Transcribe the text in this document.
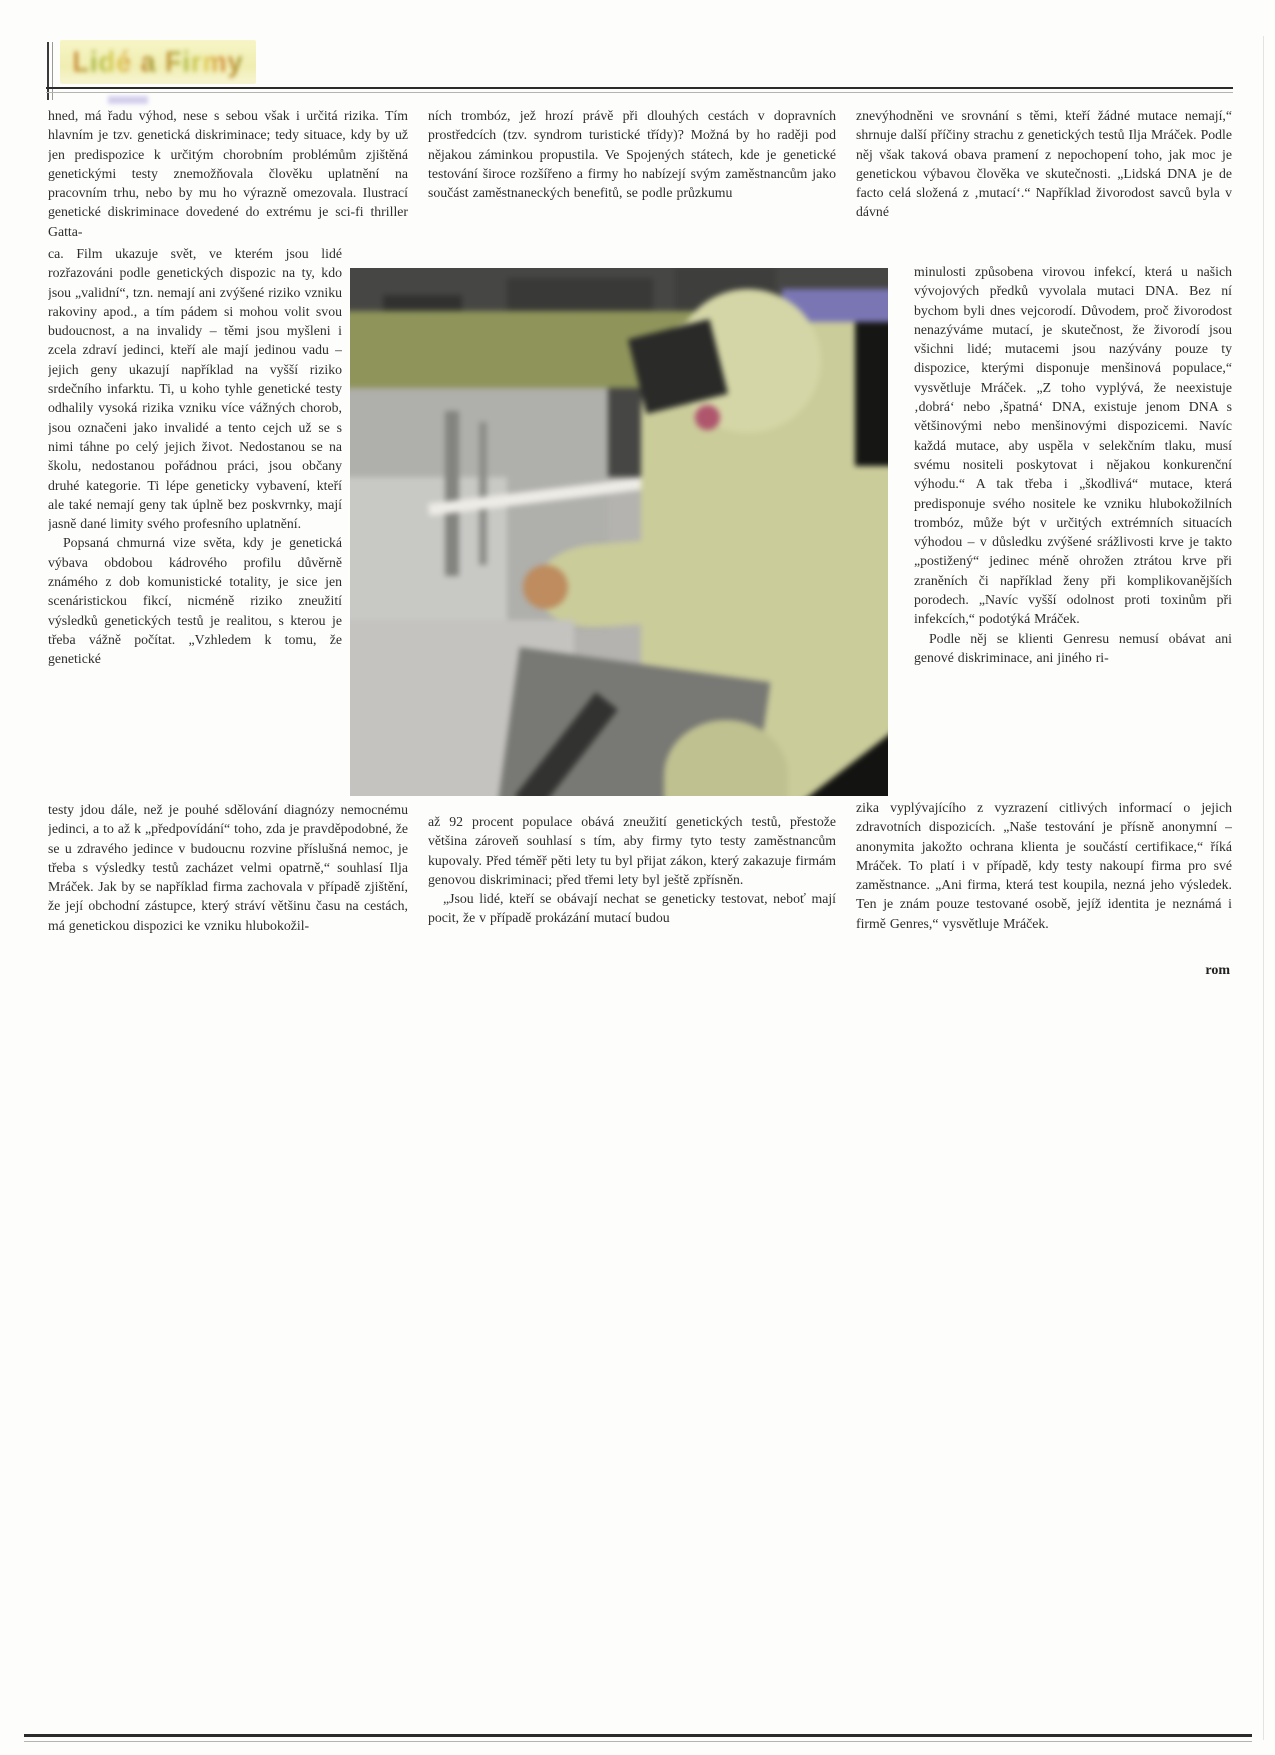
Lidé a Firmy

hned, má řadu výhod, nese s sebou však i určitá rizika. Tím hlavním je tzv. genetická diskriminace; tedy situace, kdy by už jen predispozice k určitým chorobním problémům zjištěná genetickými testy znemožňovala člověku uplatnění na pracovním trhu, nebo by mu ho výrazně omezovala. Ilustrací genetické diskriminace dovedené do extrému je sci-fi thriller Gatta-

ca. Film ukazuje svět, ve kterém jsou lidé rozřazováni podle genetických dispozic na ty, kdo jsou „validní“, tzn. nemají ani zvýšené riziko vzniku rakoviny apod., a tím pádem si mohou volit svou budoucnost, a na invalidy – těmi jsou myšleni i zcela zdraví jedinci, kteří ale mají jedinou vadu – jejich geny ukazují například na vyšší riziko srdečního infarktu. Ti, u koho tyhle genetické testy odhalily vysoká rizika vzniku více vážných chorob, jsou označeni jako invalidé a tento cejch už se s nimi táhne po celý jejich život. Nedostanou se na školu, nedostanou pořádnou práci, jsou občany druhé kategorie. Ti lépe geneticky vybavení, kteří ale také nemají geny tak úplně bez poskvrnky, mají jasně dané limity svého profesního uplatnění.

Popsaná chmurná vize světa, kdy je genetická výbava obdobou kádrového profilu důvěrně známého z dob komunistické totality, je sice jen scenáristickou fikcí, nicméně riziko zneužití výsledků genetických testů je realitou, s kterou je třeba vážně počítat. „Vzhledem k tomu, že genetické

testy jdou dále, než je pouhé sdělování diagnózy nemocnému jedinci, a to až k „předpovídání“ toho, zda je pravděpodobné, že se u zdravého jedince v budoucnu rozvine příslušná nemoc, je třeba s výsledky testů zacházet velmi opatrně,“ souhlasí Ilja Mráček. Jak by se například firma zachovala v případě zjištění, že její obchodní zástupce, který stráví většinu času na cestách, má genetickou dispozici ke vzniku hlubokožil-

ních trombóz, jež hrozí právě při dlouhých cestách v dopravních prostředcích (tzv. syndrom turistické třídy)? Možná by ho raději pod nějakou záminkou propustila. Ve Spojených státech, kde je genetické testování široce rozšířeno a firmy ho nabízejí svým zaměstnancům jako součást zaměstnaneckých benefitů, se podle průzkumu

až 92 procent populace obává zneužití genetických testů, přestože většina zároveň souhlasí s tím, aby firmy tyto testy zaměstnancům kupovaly. Před téměř pěti lety tu byl přijat zákon, který zakazuje firmám genovou diskriminaci; před třemi lety byl ještě zpřísněn.

„Jsou lidé, kteří se obávají nechat se geneticky testovat, neboť mají pocit, že v případě prokázání mutací budou

znevýhodněni ve srovnání s těmi, kteří žádné mutace nemají,“ shrnuje další příčiny strachu z genetických testů Ilja Mráček. Podle něj však taková obava pramení z nepochopení toho, jak moc je genetickou výbavou člověka ve skutečnosti. „Lidská DNA je de facto celá složená z ‚mutací‘.“ Například živorodost savců byla v dávné

minulosti způsobena virovou infekcí, která u našich vývojových předků vyvolala mutaci DNA. Bez ní bychom byli dnes vejcorodí. Důvodem, proč živorodost nenazýváme mutací, je skutečnost, že živorodí jsou všichni lidé; mutacemi jsou nazývány pouze ty dispozice, kterými disponuje menšinová populace,“ vysvětluje Mráček. „Z toho vyplývá, že neexistuje ‚dobrá‘ nebo ‚špatná‘ DNA, existuje jenom DNA s většinovými nebo menšinovými dispozicemi. Navíc každá mutace, aby uspěla v selekčním tlaku, musí svému nositeli poskytovat i nějakou konkurenční výhodu.“ A tak třeba i „škodlivá“ mutace, která predisponuje svého nositele ke vzniku hlubokožilních trombóz, může být v určitých extrémních situacích výhodou – v důsledku zvýšené srážlivosti krve je takto „postižený“ jedinec méně ohrožen ztrátou krve při zraněních či například ženy při komplikovanějších porodech. „Navíc vyšší odolnost proti toxinům při infekcích,“ podotýká Mráček.

Podle něj se klienti Genresu nemusí obávat ani genové diskriminace, ani jiného ri-

zika vyplývajícího z vyzrazení citlivých informací o jejich zdravotních dispozicích. „Naše testování je přísně anonymní – anonymita jakožto ochrana klienta je součástí certifikace,“ říká Mráček. To platí i v případě, kdy testy nakoupí firma pro své zaměstnance. „Ani firma, která test koupila, nezná jeho výsledek. Ten je znám pouze testované osobě, jejíž identita je neznámá i firmě Genres,“ vysvětluje Mráček.

rom
